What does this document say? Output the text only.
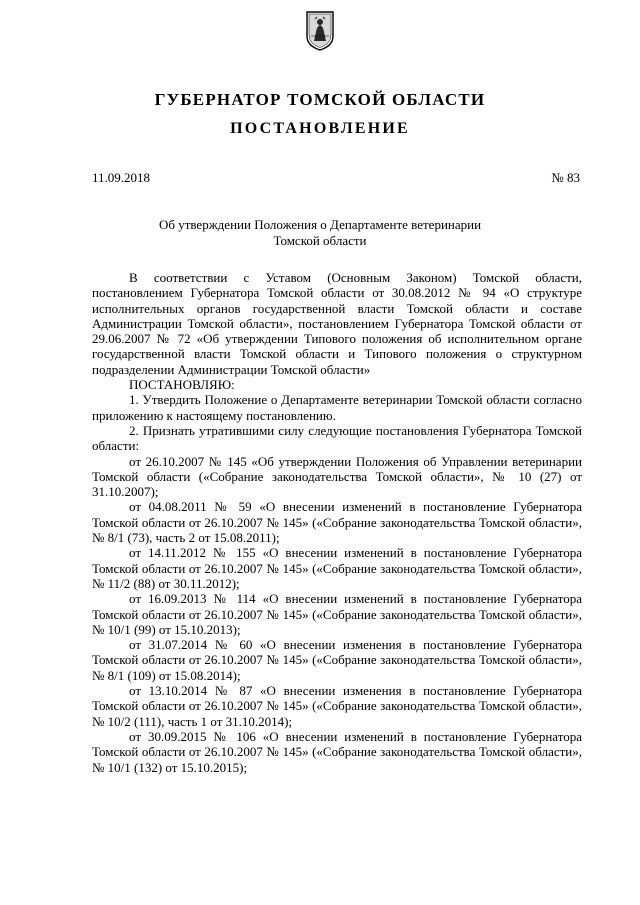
ГУБЕРНАТОР ТОМСКОЙ ОБЛАСТИ
ПОСТАНОВЛЕНИЕ
11.09.2018	№ 83
Об утверждении Положения о Департаменте ветеринарии
Томской области

В соответствии с Уставом (Основным Законом) Томской области, постановлением Губернатора Томской области от 30.08.2012 № 94 «О структуре исполнительных органов государственной власти Томской области и составе Администрации Томской области», постановлением Губернатора Томской области от 29.06.2007 № 72 «Об утверждении Типового положения об исполнительном органе государственной власти Томской области и Типового положения о структурном подразделении Администрации Томской области»

ПОСТАНОВЛЯЮ:

1. Утвердить Положение о Департаменте ветеринарии Томской области согласно приложению к настоящему постановлению.

2. Признать утратившими силу следующие постановления Губернатора Томской области:

от 26.10.2007 № 145 «Об утверждении Положения об Управлении ветеринарии Томской области («Собрание законодательства Томской области», № 10 (27) от 31.10.2007);

от 04.08.2011 № 59 «О внесении изменений в постановление Губернатора Томской области от 26.10.2007 № 145» («Собрание законодательства Томской области», № 8/1 (73), часть 2 от 15.08.2011);

от 14.11.2012 № 155 «О внесении изменений в постановление Губернатора Томской области от 26.10.2007 № 145» («Собрание законодательства Томской области», № 11/2 (88) от 30.11.2012);

от 16.09.2013 № 114 «О внесении изменений в постановление Губернатора Томской области от 26.10.2007 № 145» («Собрание законодательства Томской области», № 10/1 (99) от 15.10.2013);

от 31.07.2014 № 60 «О внесении изменения в постановление Губернатора Томской области от 26.10.2007 № 145» («Собрание законодательства Томской области», № 8/1 (109) от 15.08.2014);

от 13.10.2014 № 87 «О внесении изменения в постановление Губернатора Томской области от 26.10.2007 № 145» («Собрание законодательства Томской области», № 10/2 (111), часть 1 от 31.10.2014);

от 30.09.2015 № 106 «О внесении изменений в постановление Губернатора Томской области от 26.10.2007 № 145» («Собрание законодательства Томской области», № 10/1 (132) от 15.10.2015);
